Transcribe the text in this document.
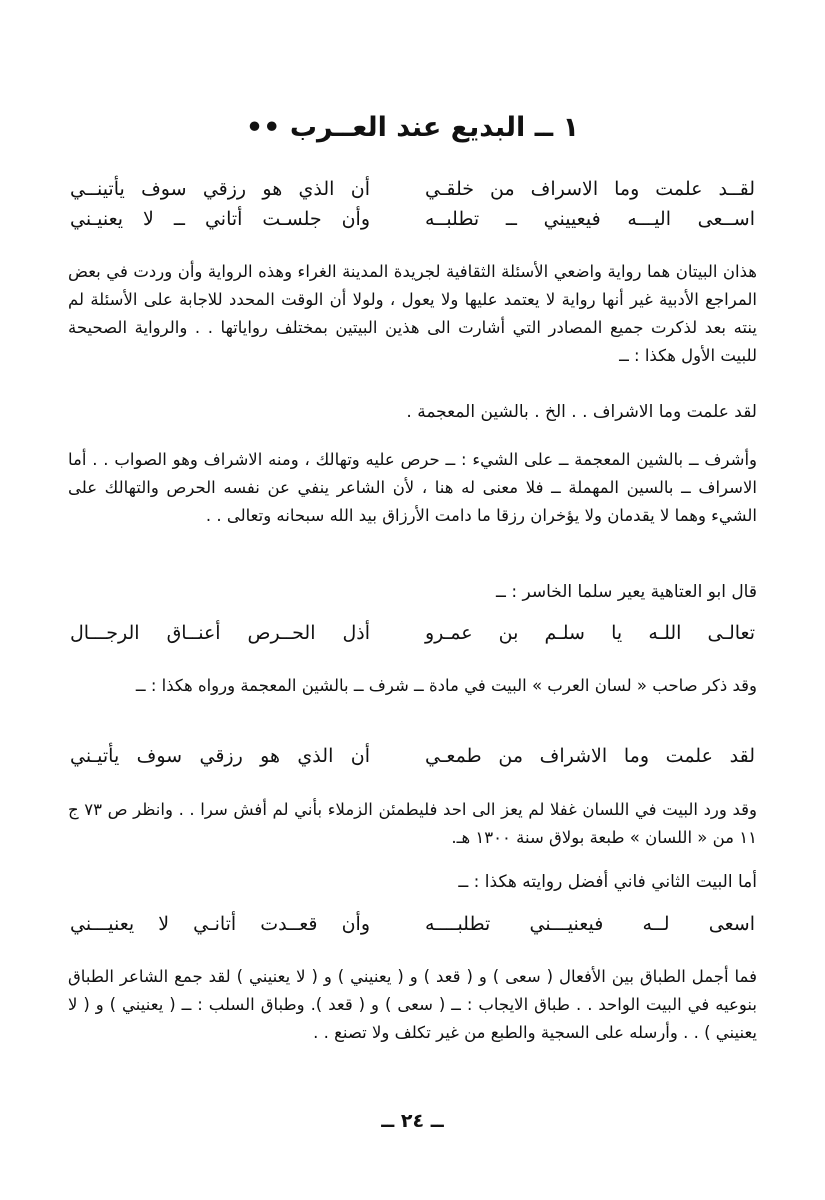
١ ــ البديع عند العــرب ••
لقــد علمت وما الاسراف من خلقـي
أن الذي هو رزقي سوف يأتينــي
اســعى اليـــه فيعييني ــ تطلبــه
وأن جلسـت أتاني ــ لا يعنيـني

هذان البيتان هما رواية واضعي الأسئلة الثقافية لجريدة المدينة الغراء وهذه الرواية وأن وردت في بعض المراجع الأدبية غير أنها رواية لا يعتمد عليها ولا يعول ، ولولا أن الوقت المحدد للاجابة على الأسئلة لم ينته بعد لذكرت جميع المصادر التي أشارت الى هذين البيتين بمختلف رواياتها . . والرواية الصحيحة للبيت الأول هكذا : ــ

لقد علمت وما الاشراف . . الخ . بالشين المعجمة .

وأشرف ــ بالشين المعجمة ــ على الشيء : ــ حرص عليه وتهالك ، ومنه الاشراف وهو الصواب . . أما الاسراف ــ بالسين المهملة ــ فلا معنى له هنا ، لأن الشاعر ينفي عن نفسه الحرص والتهالك على الشيء وهما لا يقدمان ولا يؤخران رزقا ما دامت الأرزاق بيد الله سبحانه وتعالى . .

قال ابو العتاهية يعير سلما الخاسر : ــ

تعالـى اللـه يا سلـم بن عمـرو
أذل الحــرص أعنــاق الرجـــال

وقد ذكر صاحب « لسان العرب » البيت في مادة ــ شرف ــ بالشين المعجمة ورواه هكذا : ــ

لقد علمت وما الاشراف من طمعـي
أن الذي هو رزقي سوف يأتيـني

وقد ورد البيت في اللسان غفلا لم يعز الى احد فليطمئن الزملاء بأني لم أفش سرا . . وانظر ص ٧٣ ج ١١ من « اللسان » طبعة بولاق سنة ١٣٠٠ هـ.

أما البيت الثاني فاني أفضل روايته هكذا : ــ

اسعى لــه فيعنيـــني تطلبــــه
وأن قعــدت أتانـي لا يعنيـــني

فما أجمل الطباق بين الأفعال ( سعى ) و ( قعد ) و ( يعنيني ) و ( لا يعنيني ) لقد جمع الشاعر الطباق بنوعيه في البيت الواحد . . طباق الايجاب : ــ ( سعى ) و ( قعد ). وطباق السلب : ــ ( يعنيني ) و ( لا يعنيني ) . . وأرسله على السجية والطبع من غير تكلف ولا تصنع . .

ــ ٢٤ ــ
